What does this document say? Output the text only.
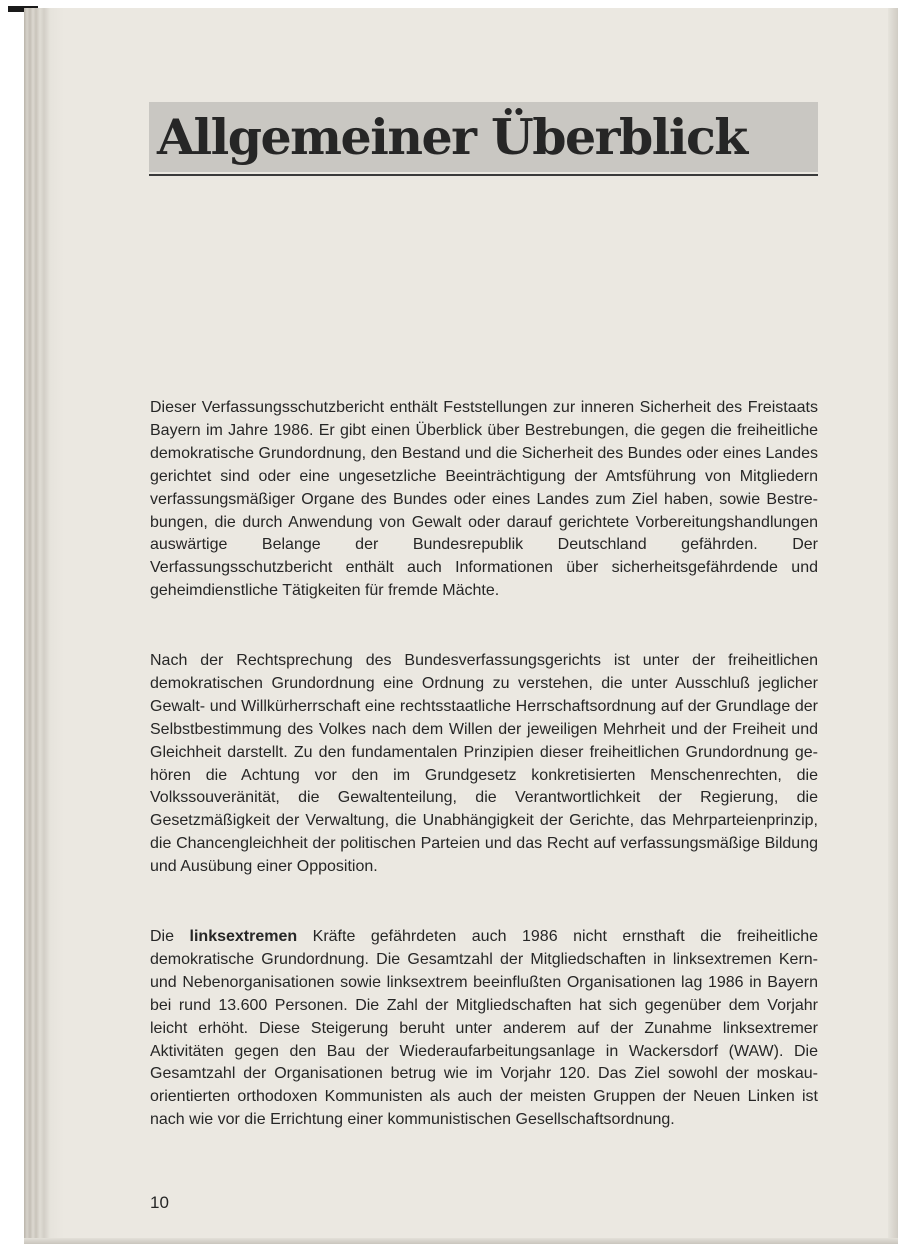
Allgemeiner Überblick

Dieser Verfassungsschutzbericht enthält Feststellungen zur inneren Sicherheit des Freistaats Bayern im Jahre 1986. Er gibt einen Überblick über Bestrebungen, die gegen die freiheitliche demokratische Grundordnung, den Bestand und die Sicherheit des Bundes oder eines Landes gerichtet sind oder eine ungesetzliche Beeinträchtigung der Amtsführung von Mitgliedern verfassungsmäßiger Organe des Bundes oder eines Landes zum Ziel haben, sowie Bestrebungen, die durch Anwendung von Gewalt oder darauf gerichtete Vorbereitungshandlungen auswärtige Belange der Bundesrepublik Deutschland gefährden. Der Verfassungsschutzbericht enthält auch Informationen über sicherheitsgefährdende und geheimdienstliche Tätigkeiten für fremde Mächte.

Nach der Rechtsprechung des Bundesverfassungsgerichts ist unter der freiheitlichen demokratischen Grundordnung eine Ordnung zu verstehen, die unter Ausschluß jeglicher Gewalt- und Willkürherrschaft eine rechtsstaatliche Herrschaftsordnung auf der Grundlage der Selbstbestimmung des Volkes nach dem Willen der jeweiligen Mehrheit und der Freiheit und Gleichheit darstellt. Zu den fundamentalen Prinzipien dieser freiheitlichen Grundordnung gehören die Achtung vor den im Grundgesetz konkretisierten Menschenrechten, die Volkssouveränität, die Gewaltenteilung, die Verantwortlichkeit der Regierung, die Gesetzmäßigkeit der Verwaltung, die Unabhängigkeit der Gerichte, das Mehrparteienprinzip, die Chancengleichheit der politischen Parteien und das Recht auf verfassungsmäßige Bildung und Ausübung einer Opposition.

Die linksextremen Kräfte gefährdeten auch 1986 nicht ernsthaft die freiheitliche demokratische Grundordnung. Die Gesamtzahl der Mitgliedschaften in linksextremen Kern- und Nebenorganisationen sowie linksextrem beeinflußten Organisationen lag 1986 in Bayern bei rund 13.600 Personen. Die Zahl der Mitgliedschaften hat sich gegenüber dem Vorjahr leicht erhöht. Diese Steigerung beruht unter anderem auf der Zunahme linksextremer Aktivitäten gegen den Bau der Wiederaufarbeitungsanlage in Wackersdorf (WAW). Die Gesamtzahl der Organisationen betrug wie im Vorjahr 120. Das Ziel sowohl der moskauorientierten orthodoxen Kommunisten als auch der meisten Gruppen der Neuen Linken ist nach wie vor die Errichtung einer kommunistischen Gesellschaftsordnung.

10
